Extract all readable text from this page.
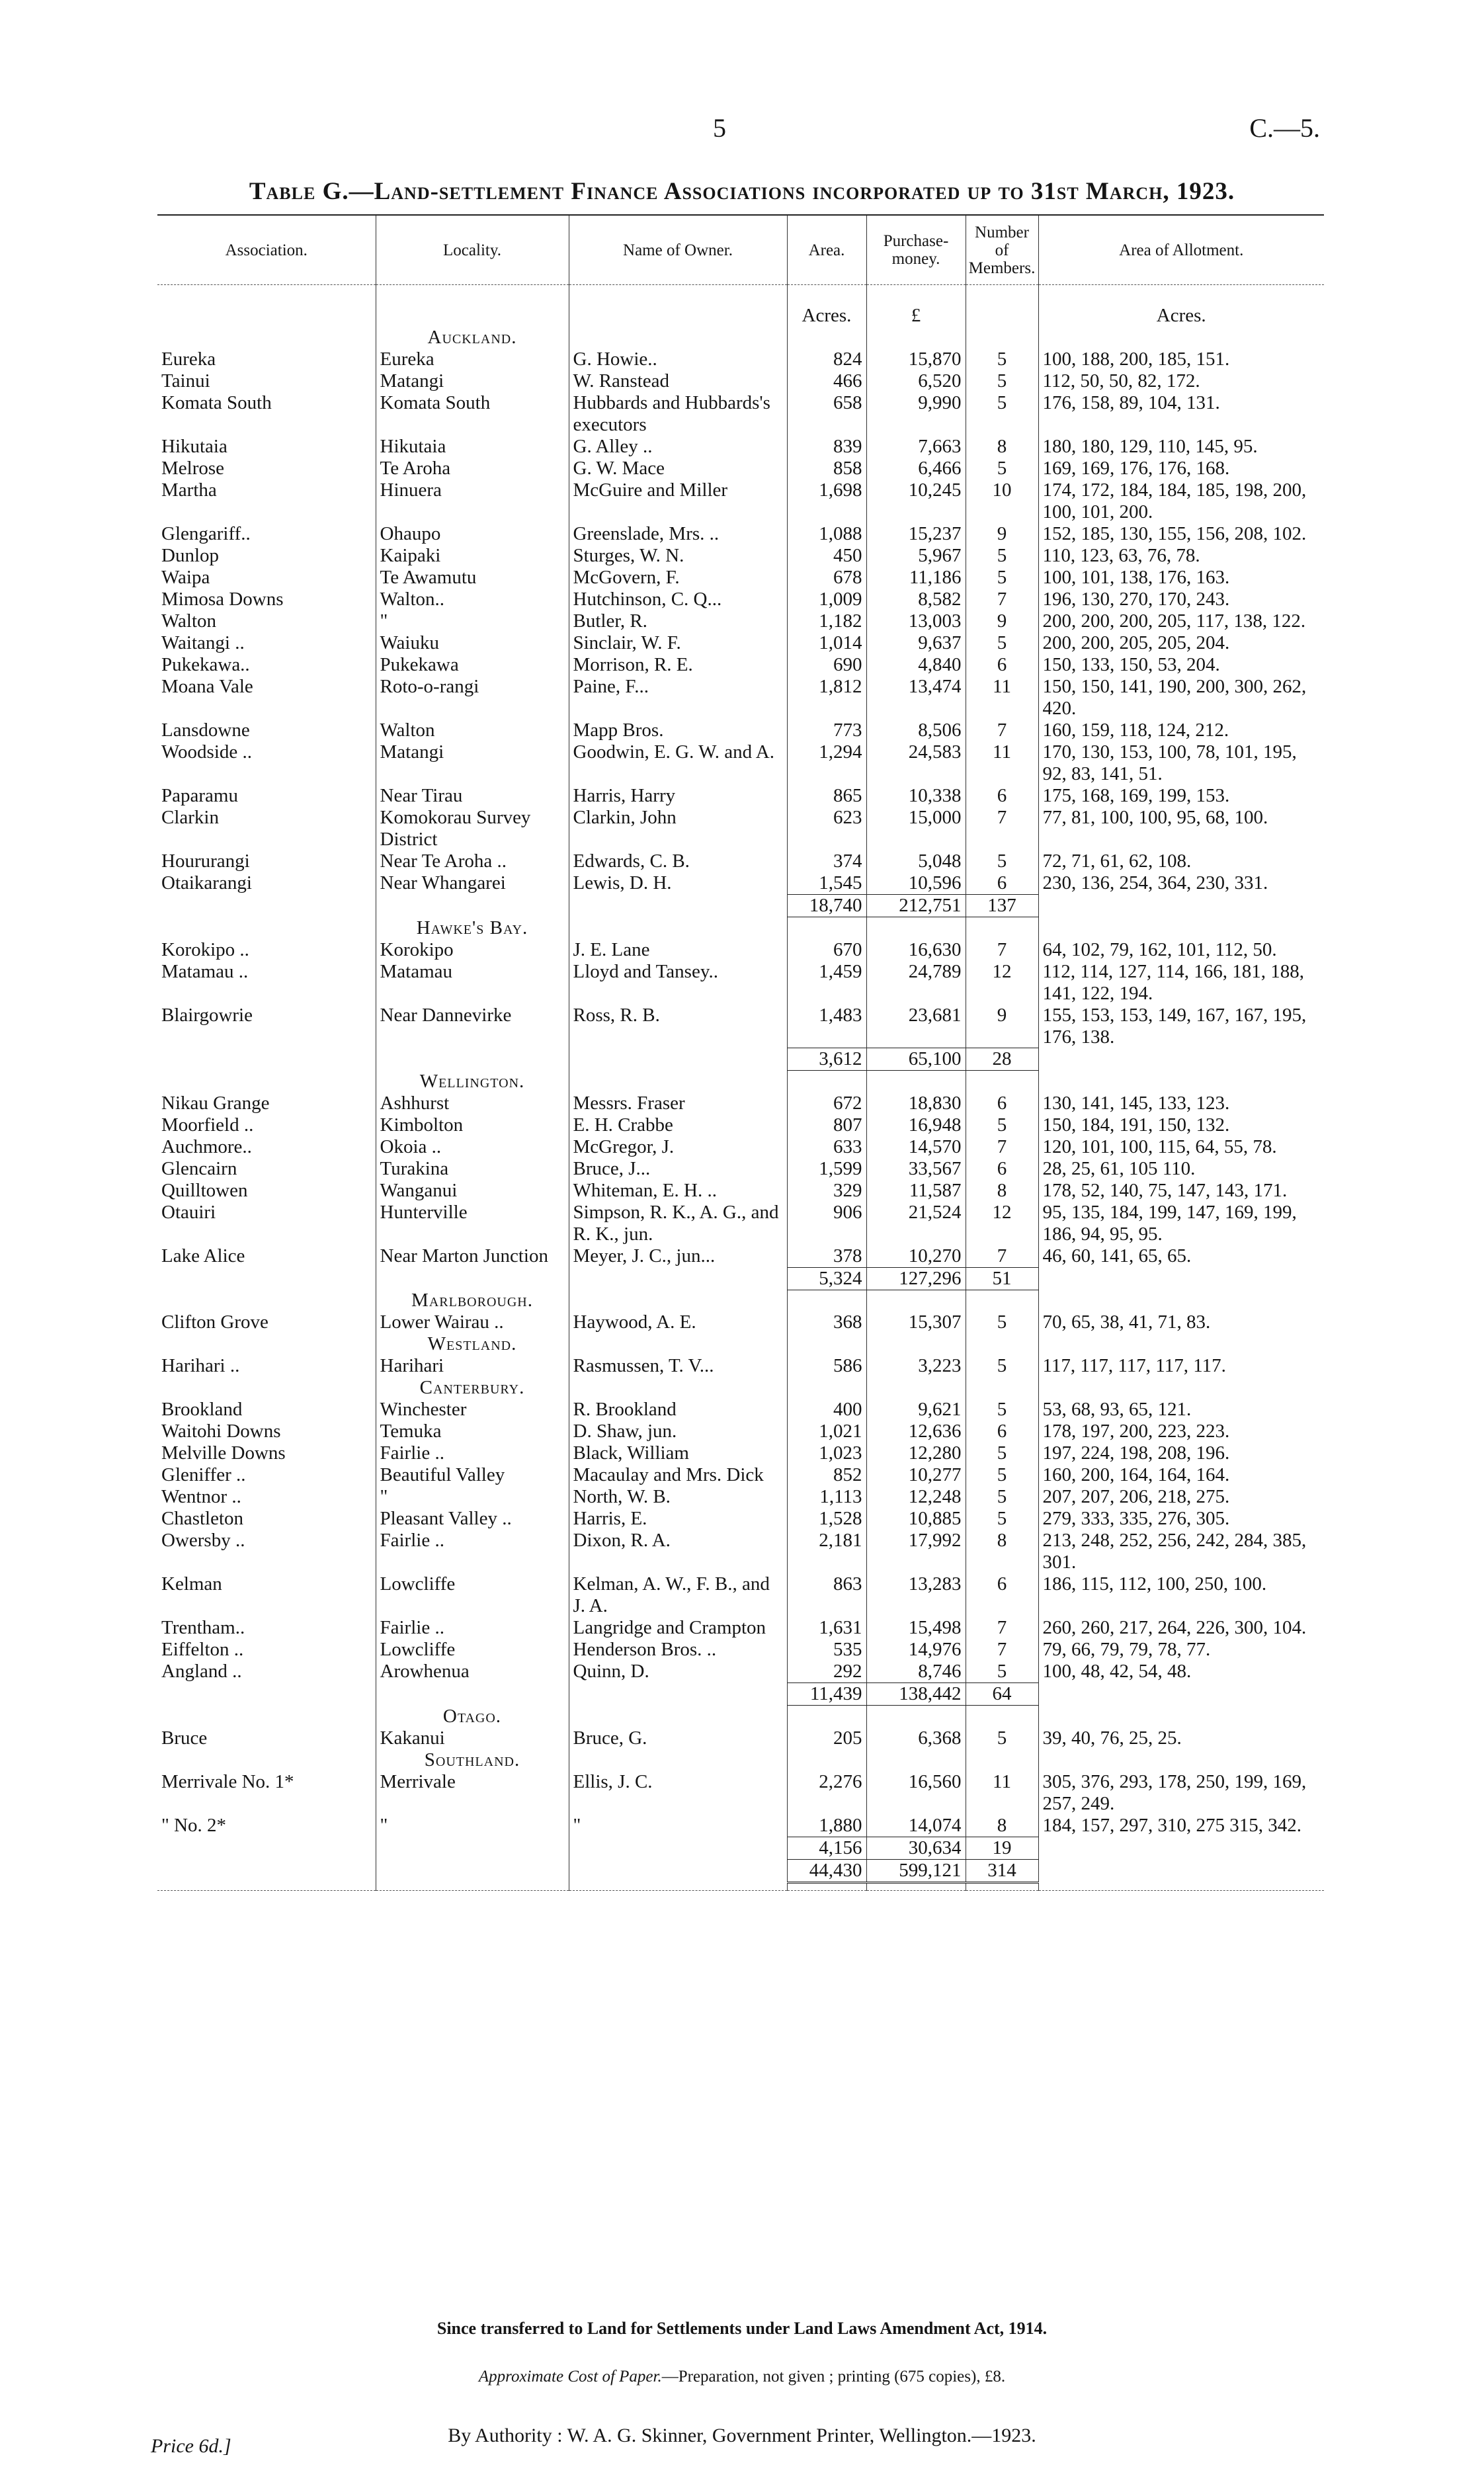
5	C.—5.
Table G.—Land-settlement Finance Associations incorporated up to 31st March, 1923.
Association.	Locality.	Name of Owner.	Area.	Purchase-money.	Number of Members.	Area of Allotment.
			Acres.	£		Acres.

	Auckland.					

Eureka	Eureka	G. Howie..	824	15,870	5	100, 188, 200, 185, 151.
Tainui	Matangi	W. Ranstead	466	6,520	5	112, 50, 50, 82, 172.
Komata South	Komata South	Hubbards and Hubbards's executors	658	9,990	5	176, 158, 89, 104, 131.
Hikutaia	Hikutaia	G. Alley ..	839	7,663	8	180, 180, 129, 110, 145, 95.
Melrose	Te Aroha	G. W. Mace	858	6,466	5	169, 169, 176, 176, 168.
Martha	Hinuera	McGuire and Miller	1,698	10,245	10	174, 172, 184, 184, 185, 198, 200, 100, 101, 200.
Glengariff..	Ohaupo	Greenslade, Mrs. ..	1,088	15,237	9	152, 185, 130, 155, 156, 208, 102.
Dunlop	Kaipaki	Sturges, W. N.	450	5,967	5	110, 123, 63, 76, 78.
Waipa	Te Awamutu	McGovern, F.	678	11,186	5	100, 101, 138, 176, 163.
Mimosa Downs	Walton..	Hutchinson, C. Q...	1,009	8,582	7	196, 130, 270, 170, 243.
Walton	"	Butler, R.	1,182	13,003	9	200, 200, 200, 205, 117, 138, 122.
Waitangi ..	Waiuku	Sinclair, W. F.	1,014	9,637	5	200, 200, 205, 205, 204.
Pukekawa..	Pukekawa	Morrison, R. E.	690	4,840	6	150, 133, 150, 53, 204.
Moana Vale	Roto-o-rangi	Paine, F...	1,812	13,474	11	150, 150, 141, 190, 200, 300, 262, 420.
Lansdowne	Walton	Mapp Bros.	773	8,506	7	160, 159, 118, 124, 212.
Woodside ..	Matangi	Goodwin, E. G. W. and A.	1,294	24,583	11	170, 130, 153, 100, 78, 101, 195, 92, 83, 141, 51.
Paparamu	Near Tirau	Harris, Harry	865	10,338	6	175, 168, 169, 199, 153.
Clarkin	Komokorau Survey District	Clarkin, John	623	15,000	7	77, 81, 100, 100, 95, 68, 100.
Hoururangi	Near Te Aroha ..	Edwards, C. B.	374	5,048	5	72, 71, 61, 62, 108.
Otaikarangi	Near Whangarei	Lewis, D. H.	1,545	10,596	6	230, 136, 254, 364, 230, 331.
			18,740	212,751	137	

	Hawke's Bay.					

Korokipo ..	Korokipo	J. E. Lane	670	16,630	7	64, 102, 79, 162, 101, 112, 50.
Matamau ..	Matamau	Lloyd and Tansey..	1,459	24,789	12	112, 114, 127, 114, 166, 181, 188, 141, 122, 194.
Blairgowrie	Near Dannevirke	Ross, R. B.	1,483	23,681	9	155, 153, 153, 149, 167, 167, 195, 176, 138.
			3,612	65,100	28	

	Wellington.					

Nikau Grange	Ashhurst	Messrs. Fraser	672	18,830	6	130, 141, 145, 133, 123.
Moorfield ..	Kimbolton	E. H. Crabbe	807	16,948	5	150, 184, 191, 150, 132.
Auchmore..	Okoia ..	McGregor, J.	633	14,570	7	120, 101, 100, 115, 64, 55, 78.
Glencairn	Turakina	Bruce, J...	1,599	33,567	6	28, 25, 61, 105 110.
Quilltowen	Wanganui	Whiteman, E. H. ..	329	11,587	8	178, 52, 140, 75, 147, 143, 171.
Otauiri	Hunterville	Simpson, R. K., A. G., and R. K., jun.	906	21,524	12	95, 135, 184, 199, 147, 169, 199, 186, 94, 95, 95.
Lake Alice	Near Marton Junction	Meyer, J. C., jun...	378	10,270	7	46, 60, 141, 65, 65.
			5,324	127,296	51	

	Marlborough.					

Clifton Grove	Lower Wairau ..	Haywood, A. E.	368	15,307	5	70, 65, 38, 41, 71, 83.

	Westland.					

Harihari ..	Harihari	Rasmussen, T. V...	586	3,223	5	117, 117, 117, 117, 117.

	Canterbury.					

Brookland	Winchester	R. Brookland	400	9,621	5	53, 68, 93, 65, 121.
Waitohi Downs	Temuka	D. Shaw, jun.	1,021	12,636	6	178, 197, 200, 223, 223.
Melville Downs	Fairlie ..	Black, William	1,023	12,280	5	197, 224, 198, 208, 196.
Gleniffer ..	Beautiful Valley	Macaulay and Mrs. Dick	852	10,277	5	160, 200, 164, 164, 164.
Wentnor ..	"	North, W. B.	1,113	12,248	5	207, 207, 206, 218, 275.
Chastleton	Pleasant Valley ..	Harris, E.	1,528	10,885	5	279, 333, 335, 276, 305.
Owersby ..	Fairlie ..	Dixon, R. A.	2,181	17,992	8	213, 248, 252, 256, 242, 284, 385, 301.
Kelman	Lowcliffe	Kelman, A. W., F. B., and J. A.	863	13,283	6	186, 115, 112, 100, 250, 100.
Trentham..	Fairlie ..	Langridge and Crampton	1,631	15,498	7	260, 260, 217, 264, 226, 300, 104.
Eiffelton ..	Lowcliffe	Henderson Bros. ..	535	14,976	7	79, 66, 79, 79, 78, 77.
Angland ..	Arowhenua	Quinn, D.	292	8,746	5	100, 48, 42, 54, 48.
			11,439	138,442	64	

	Otago.					

Bruce	Kakanui	Bruce, G.	205	6,368	5	39, 40, 76, 25, 25.

	Southland.					

Merrivale No. 1*	Merrivale	Ellis, J. C.	2,276	16,560	11	305, 376, 293, 178, 250, 199, 169, 257, 249.
" No. 2*	"	"	1,880	14,074	8	184, 157, 297, 310, 275 315, 342.
			4,156	30,634	19	
			44,430	599,121	314	

Since transferred to Land for Settlements under Land Laws Amendment Act, 1914.
Approximate Cost of Paper.—Preparation, not given ; printing (675 copies), £8.
Price 6d.]	By Authority : W. A. G. Skinner, Government Printer, Wellington.—1923.
